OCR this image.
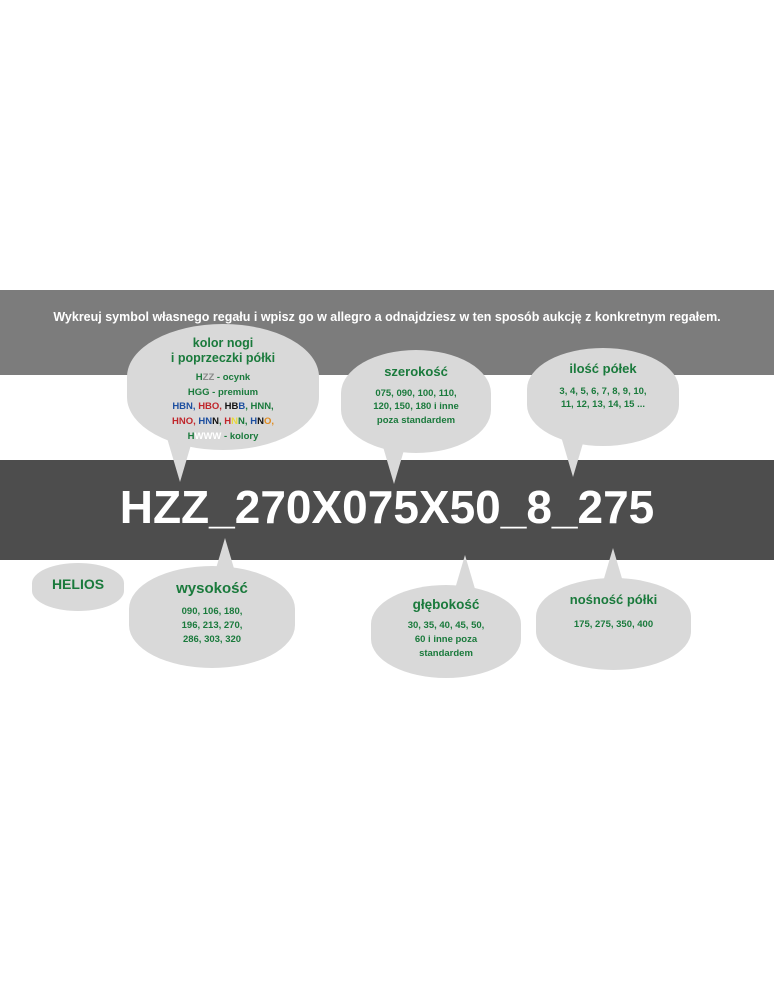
Wykreuj symbol własnego regału i wpisz go w allegro a odnajdziesz w ten sposób aukcję z konkretnym regałem.
HZZ_270X075X50_8_275
kolor nogi
i poprzeczki półki
HZZ - ocynk
HGG - premium
HBN, HBO, HBB, HNN,
HNO, HNN, HNN, HNO,
HWWW - kolory
szerokość
075, 090, 100, 110,
120, 150, 180 i inne
poza standardem
ilość półek
3, 4, 5, 6, 7, 8, 9, 10,
11, 12, 13, 14, 15 ...
HELIOS	wysokość
090, 106, 180,
196, 213, 270,
286, 303, 320
głębokość
30, 35, 40, 45, 50,
60 i inne poza
standardem
nośność półki
175, 275, 350, 400
